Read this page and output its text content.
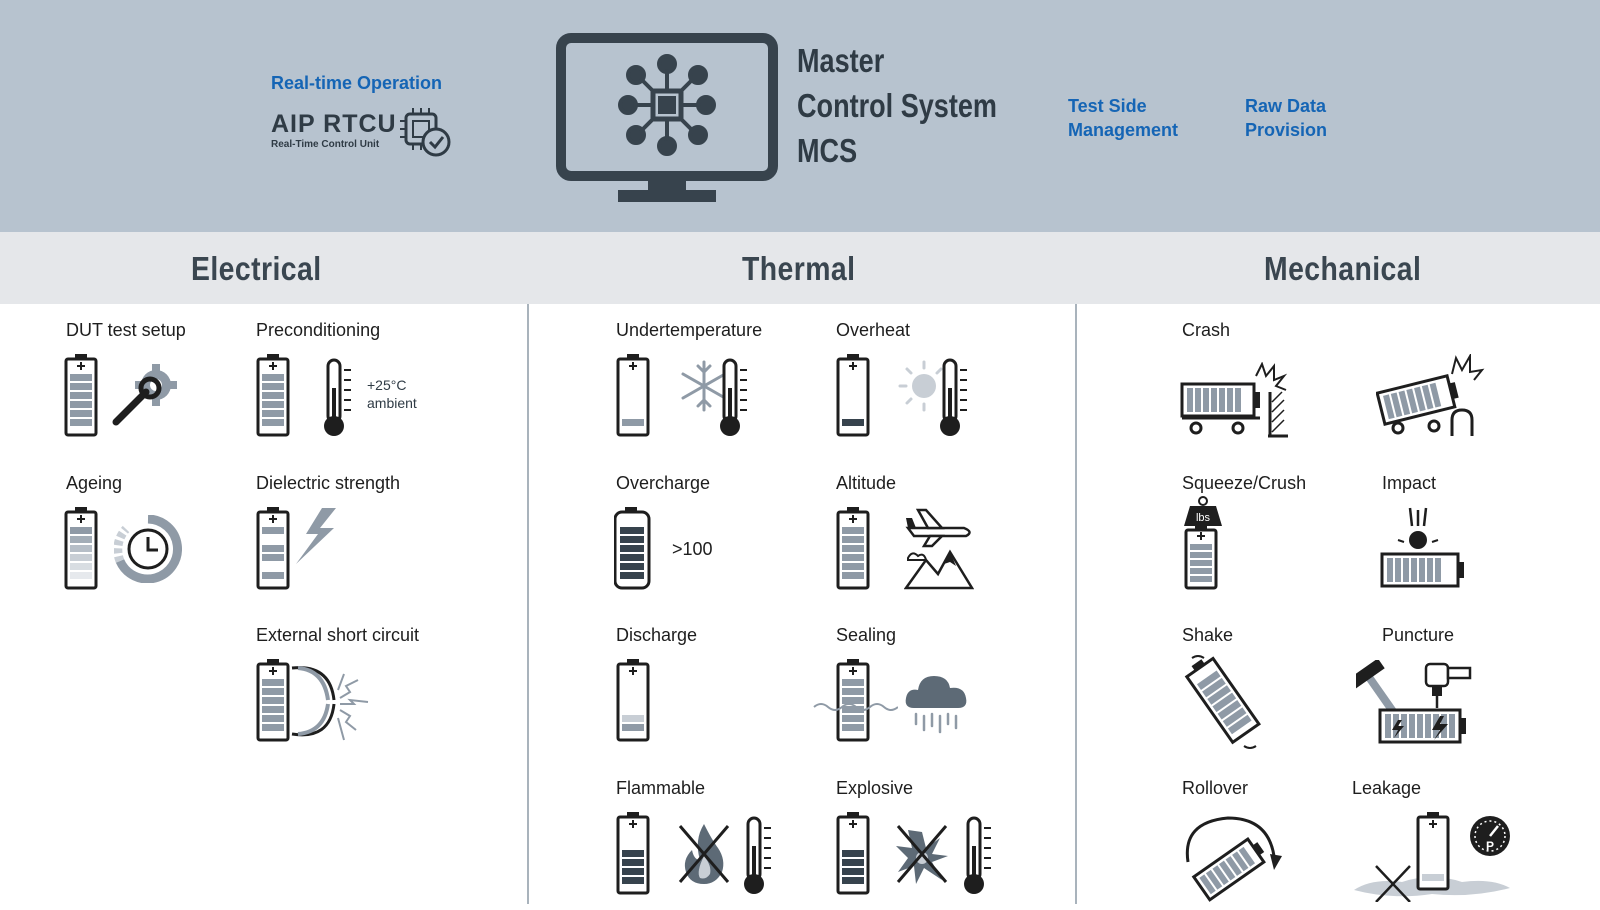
Real-time Operation
AIP RTCU
Real-Time Control Unit
Master
Control System
MCS
Test Side
Management
Raw Data
Provision
Electrical	Thermal	Mechanical
DUT test setup	Preconditioning
+25°C
ambient
Ageing	Dielectric strength
External short circuit
Undertemperature	Overheat
Overcharge
>100
Altitude
Discharge	Sealing
Flammable	Explosive
Crash
Squeeze/Crush
lbs
Impact
Shake	Puncture
Rollover	Leakage
P
